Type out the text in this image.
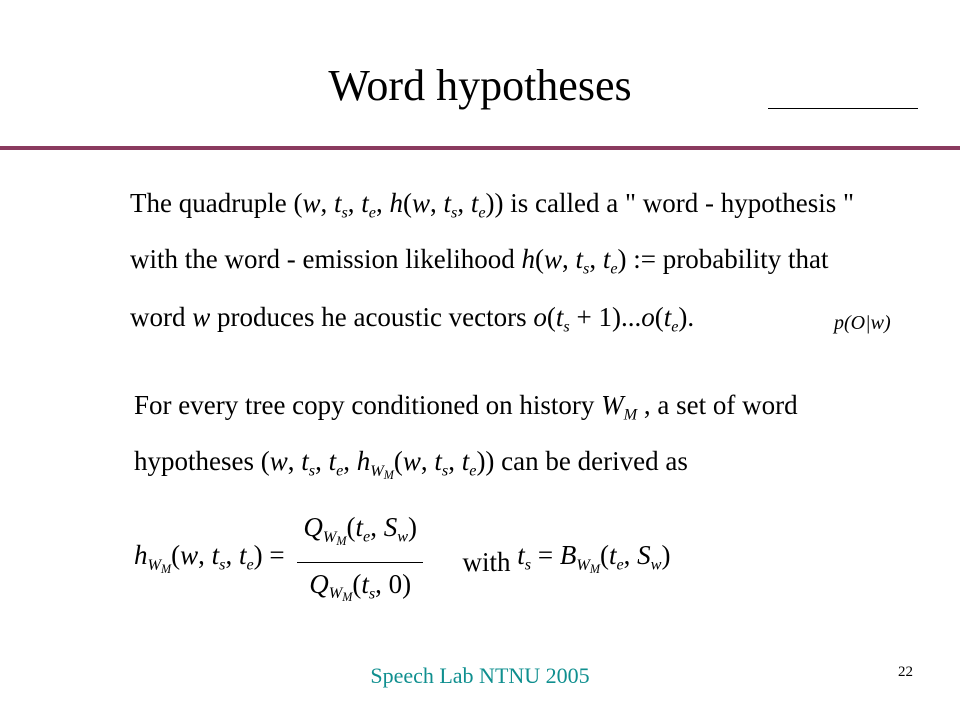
Word hypotheses
The quadruple (w, $t_s$, $t_e$, h(w, $t_s$, $t_e$)) is called a " word - hypothesis "
with the word - emission likelihood h(w, $t_s$, $t_e$) := probability that
word w produces he acoustic vectors $o(t_s + 1)...o(t_e)$.	p(O|w)
For every tree copy conditioned on history $W_M$ , a set of word
hypotheses (w, $t_s$, $t_e$, $h_{WM}(w$, $t_s$, $t_e$)) can be derived as
$h_{WM}(w$, $t_s$, $t_e) = \frac{Q_{WM}(t_e, S_w)}{Q_{WM}(t_s, 0)}$ with $t_s = B_{WM}(t_e$, $S_w$)
Speech Lab NTNU 2005	22
